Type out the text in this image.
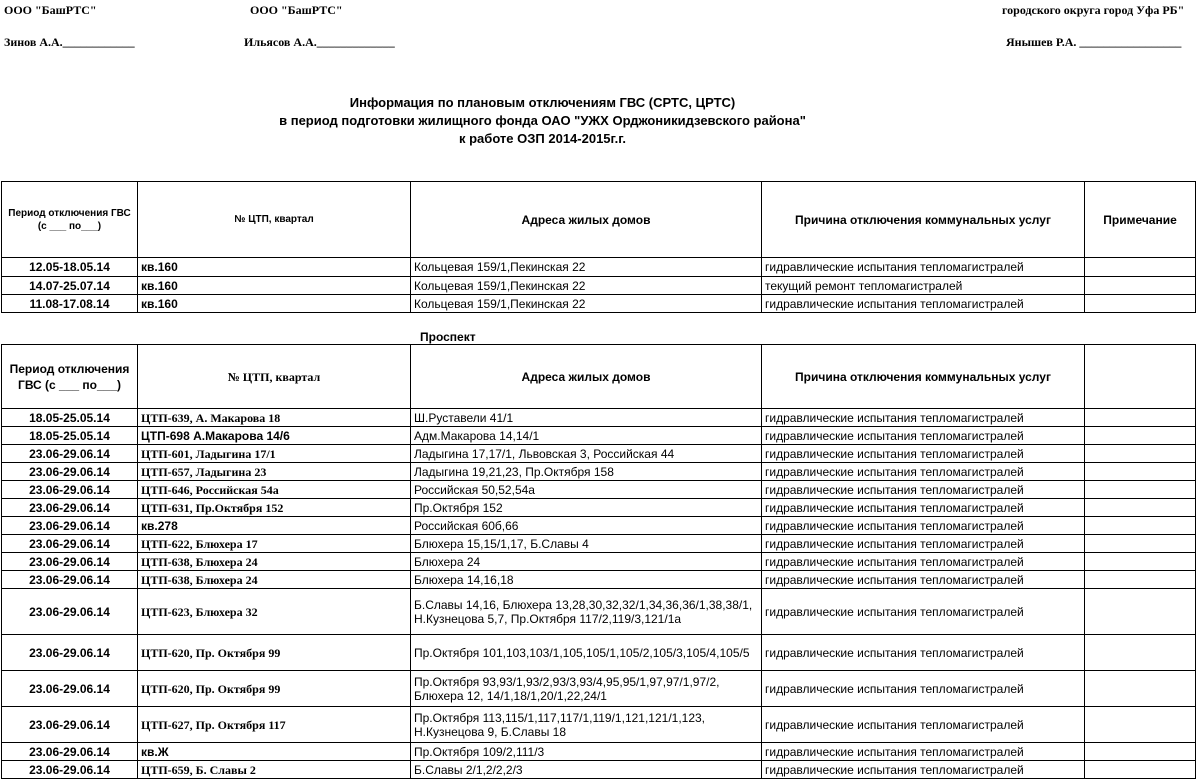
ООО "БашРТС"	ООО "БашРТС"	городского округа город Уфа РБ"
Зинов А.А.____________	Ильясов А.А._____________	Янышев Р.А. _________________
Информация по плановым отключениям ГВС (СРТС, ЦРТС)
в период подготовки жилищного фонда ОАО "УЖХ Орджоникидзевского района"
к работе ОЗП 2014-2015г.г.
Период отключения ГВС (с ___ по___)	№ ЦТП, квартал	Адреса жилых домов	Причина отключения коммунальных услуг	Примечание
12.05-18.05.14	кв.160	Кольцевая 159/1,Пекинская 22	гидравлические испытания тепломагистралей	
14.07-25.07.14	кв.160	Кольцевая 159/1,Пекинская 22	текущий ремонт тепломагистралей	
11.08-17.08.14	кв.160	Кольцевая 159/1,Пекинская 22	гидравлические испытания тепломагистралей	
Проспект
Период отключения ГВС (с ___ по___)	№ ЦТП, квартал	Адреса жилых домов	Причина отключения коммунальных услуг	
18.05-25.05.14	ЦТП-639, А. Макарова 18	Ш.Руставели 41/1	гидравлические испытания тепломагистралей	
18.05-25.05.14	ЦТП-698 А.Макарова 14/6	Адм.Макарова 14,14/1	гидравлические испытания тепломагистралей	
23.06-29.06.14	ЦТП-601, Ладыгина 17/1	Ладыгина 17,17/1, Львовская 3, Российская 44	гидравлические испытания тепломагистралей	
23.06-29.06.14	ЦТП-657, Ладыгина 23	Ладыгина 19,21,23, Пр.Октября 158	гидравлические испытания тепломагистралей	
23.06-29.06.14	ЦТП-646, Российская 54а	Российская 50,52,54а	гидравлические испытания тепломагистралей	
23.06-29.06.14	ЦТП-631, Пр.Октября 152	Пр.Октября 152	гидравлические испытания тепломагистралей	
23.06-29.06.14	кв.278	Российская 60б,66	гидравлические испытания тепломагистралей	
23.06-29.06.14	ЦТП-622, Блюхера 17	Блюхера 15,15/1,17, Б.Славы 4	гидравлические испытания тепломагистралей	
23.06-29.06.14	ЦТП-638, Блюхера 24	Блюхера 24	гидравлические испытания тепломагистралей	
23.06-29.06.14	ЦТП-638, Блюхера 24	Блюхера 14,16,18	гидравлические испытания тепломагистралей	
23.06-29.06.14	ЦТП-623, Блюхера 32	Б.Славы 14,16, Блюхера 13,28,30,32,32/1,34,36,36/1,38,38/1, Н.Кузнецова 5,7, Пр.Октября 117/2,119/3,121/1а	гидравлические испытания тепломагистралей	
23.06-29.06.14	ЦТП-620, Пр. Октября 99	Пр.Октября 101,103,103/1,105,105/1,105/2,105/3,105/4,105/5	гидравлические испытания тепломагистралей	
23.06-29.06.14	ЦТП-620, Пр. Октября 99	Пр.Октября 93,93/1,93/2,93/3,93/4,95,95/1,97,97/1,97/2, Блюхера 12, 14/1,18/1,20/1,22,24/1	гидравлические испытания тепломагистралей	
23.06-29.06.14	ЦТП-627, Пр. Октября 117	Пр.Октября 113,115/1,117,117/1,119/1,121,121/1,123, Н.Кузнецова 9, Б.Славы 18	гидравлические испытания тепломагистралей	
23.06-29.06.14	кв.Ж	Пр.Октября 109/2,111/3	гидравлические испытания тепломагистралей	
23.06-29.06.14	ЦТП-659, Б. Славы 2	Б.Славы 2/1,2/2,2/3	гидравлические испытания тепломагистралей	
